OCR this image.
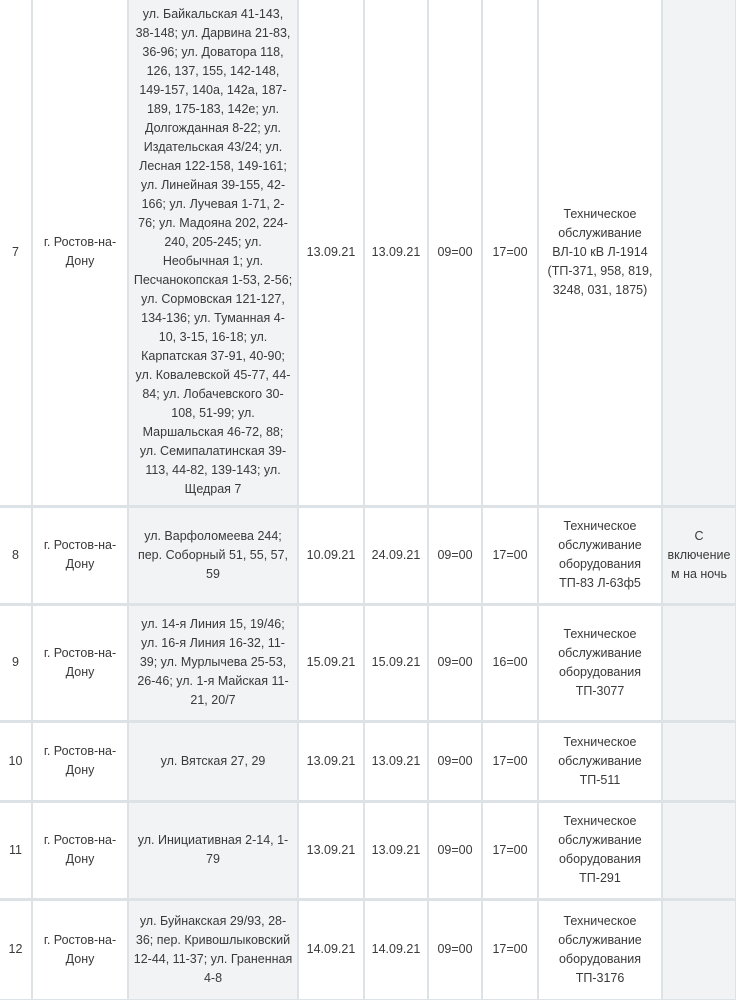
7	г. Ростов-на-Дону	ул. Байкальская 41-143, 38-148; ул. Дарвина 21-83, 36-96; ул. Доватора 118, 126, 137, 155, 142-148, 149-157, 140а, 142а, 187-189, 175-183, 142е; ул. Долгожданная 8-22; ул. Издательская 43/24; ул. Лесная 122-158, 149-161; ул. Линейная 39-155, 42-166; ул. Лучевая 1-71, 2-76; ул. Мадояна 202, 224-240, 205-245; ул. Необычная 1; ул. Песчанокопская 1-53, 2-56; ул. Сормовская 121-127, 134-136; ул. Туманная 4-10, 3-15, 16-18; ул. Карпатская 37-91, 40-90; ул. Ковалевской 45-77, 44-84; ул. Лобачевского 30-108, 51-99; ул. Маршальская 46-72, 88; ул. Семипалатинская 39-113, 44-82, 139-143; ул. Щедрая 7	13.09.21	13.09.21	09=00	17=00	Техническое обслуживание ВЛ-10 кВ Л-1914 (ТП-371, 958, 819, 3248, 031, 1875)	
8	г. Ростов-на-Дону	ул. Варфоломеева 244; пер. Соборный 51, 55, 57, 59	10.09.21	24.09.21	09=00	17=00	Техническое обслуживание оборудования ТП-83 Л-63ф5	С включением на ночь
9	г. Ростов-на-Дону	ул. 14-я Линия 15, 19/46; ул. 16-я Линия 16-32, 11-39; ул. Мурлычева 25-53, 26-46; ул. 1-я Майская 11-21, 20/7	15.09.21	15.09.21	09=00	16=00	Техническое обслуживание оборудования ТП-3077	
10	г. Ростов-на-Дону	ул. Вятская 27, 29	13.09.21	13.09.21	09=00	17=00	Техническое обслуживание ТП-511	
11	г. Ростов-на-Дону	ул. Инициативная 2-14, 1-79	13.09.21	13.09.21	09=00	17=00	Техническое обслуживание оборудования ТП-291	
12	г. Ростов-на-Дону	ул. Буйнакская 29/93, 28-36; пер. Кривошлыковский 12-44, 11-37; ул. Граненная 4-8	14.09.21	14.09.21	09=00	17=00	Техническое обслуживание оборудования ТП-3176	
